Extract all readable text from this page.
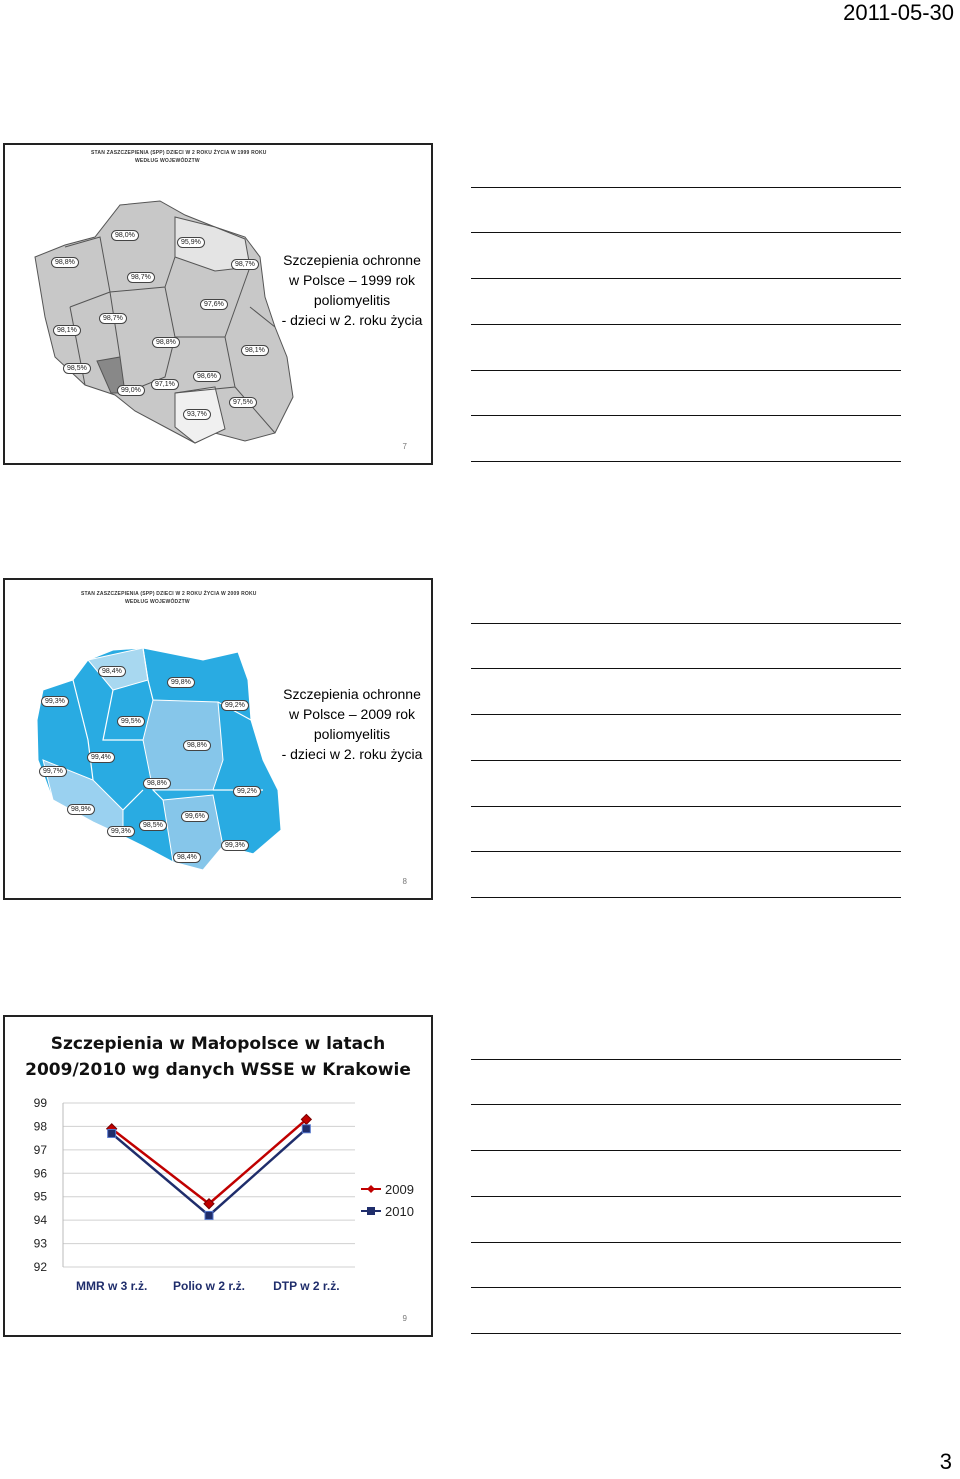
2011-05-30
STAN ZASZCZEPIENIA (SPP) DZIECI W 2 ROKU ŻYCIA W 1999 ROKU
WEDŁUG WOJEWÓDZTW
98,8%
98,0%
95,9%
98,7%
98,7%
97,6%
98,1%
98,7%
98,8%
98,1%
98,5%
99,0%
97,1%
98,6%
93,7%
97,5%
Szczepienia ochronne
w Polsce – 1999 rok
poliomyelitis
- dzieci w 2. roku życia
7
STAN ZASZCZEPIENIA (SPP) DZIECI W 2 ROKU ŻYCIA W 2009 ROKU
WEDŁUG WOJEWÓDZTW
99,3%
98,4%
99,8%
99,2%
99,5%
99,4%
98,8%
99,7%
98,8%
99,2%
98,9%
99,3%
98,5%
99,6%
98,4%
99,3%
Szczepienia ochronne
w Polsce – 2009 rok
poliomyelitis
- dzieci w 2. roku życia
8
Szczepienia w Małopolsce w latach
2009/2010 wg danych WSSE w Krakowie
99
98
97
96
95
94
93
92
MMR w 3 r.ż. Polio w 2 r.ż. DTP w 2 r.ż.
2009
2010
9
3
